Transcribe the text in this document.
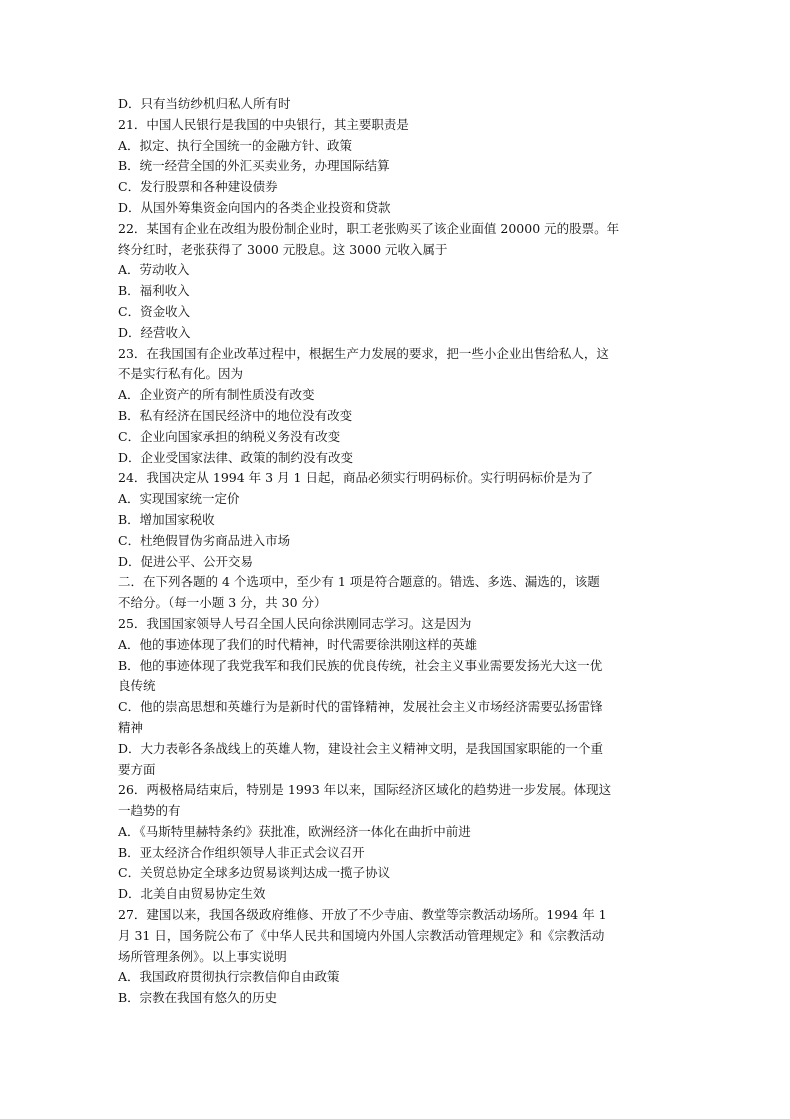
D．只有当纺纱机归私人所有时
21．中国人民银行是我国的中央银行，其主要职责是
A．拟定、执行全国统一的金融方针、政策
B．统一经营全国的外汇买卖业务，办理国际结算
C．发行股票和各种建设债券
D．从国外筹集资金向国内的各类企业投资和贷款
22．某国有企业在改组为股份制企业时，职工老张购买了该企业面值 20000 元的股票。年
终分红时，老张获得了 3000 元股息。这 3000 元收入属于
A．劳动收入
B．福利收入
C．资金收入
D．经营收入
23．在我国国有企业改革过程中，根据生产力发展的要求，把一些小企业出售给私人，这
不是实行私有化。因为
A．企业资产的所有制性质没有改变
B．私有经济在国民经济中的地位没有改变
C．企业向国家承担的纳税义务没有改变
D．企业受国家法律、政策的制约没有改变
24．我国决定从 1994 年 3 月 1 日起，商品必须实行明码标价。实行明码标价是为了
A．实现国家统一定价
B．增加国家税收
C．杜绝假冒伪劣商品进入市场
D．促进公平、公开交易
二．在下列各题的 4 个选项中，至少有 1 项是符合题意的。错选、多选、漏选的，该题
不给分。（每一小题 3 分，共 30 分）
25．我国国家领导人号召全国人民向徐洪刚同志学习。这是因为
A．他的事迹体现了我们的时代精神，时代需要徐洪刚这样的英雄
B．他的事迹体现了我党我军和我们民族的优良传统，社会主义事业需要发扬光大这一优
良传统
C．他的崇高思想和英雄行为是新时代的雷锋精神，发展社会主义市场经济需要弘扬雷锋
精神
D．大力表彰各条战线上的英雄人物，建设社会主义精神文明，是我国国家职能的一个重
要方面
26．两极格局结束后，特别是 1993 年以来，国际经济区域化的趋势进一步发展。体现这
一趋势的有
A．《马斯特里赫特条约》获批准，欧洲经济一体化在曲折中前进
B．亚太经济合作组织领导人非正式会议召开
C．关贸总协定全球多边贸易谈判达成一揽子协议
D．北美自由贸易协定生效
27．建国以来，我国各级政府维修、开放了不少寺庙、教堂等宗教活动场所。1994 年 1
月 31 日，国务院公布了《中华人民共和国境内外国人宗教活动管理规定》和《宗教活动
场所管理条例》。以上事实说明
A．我国政府贯彻执行宗教信仰自由政策
B．宗教在我国有悠久的历史
